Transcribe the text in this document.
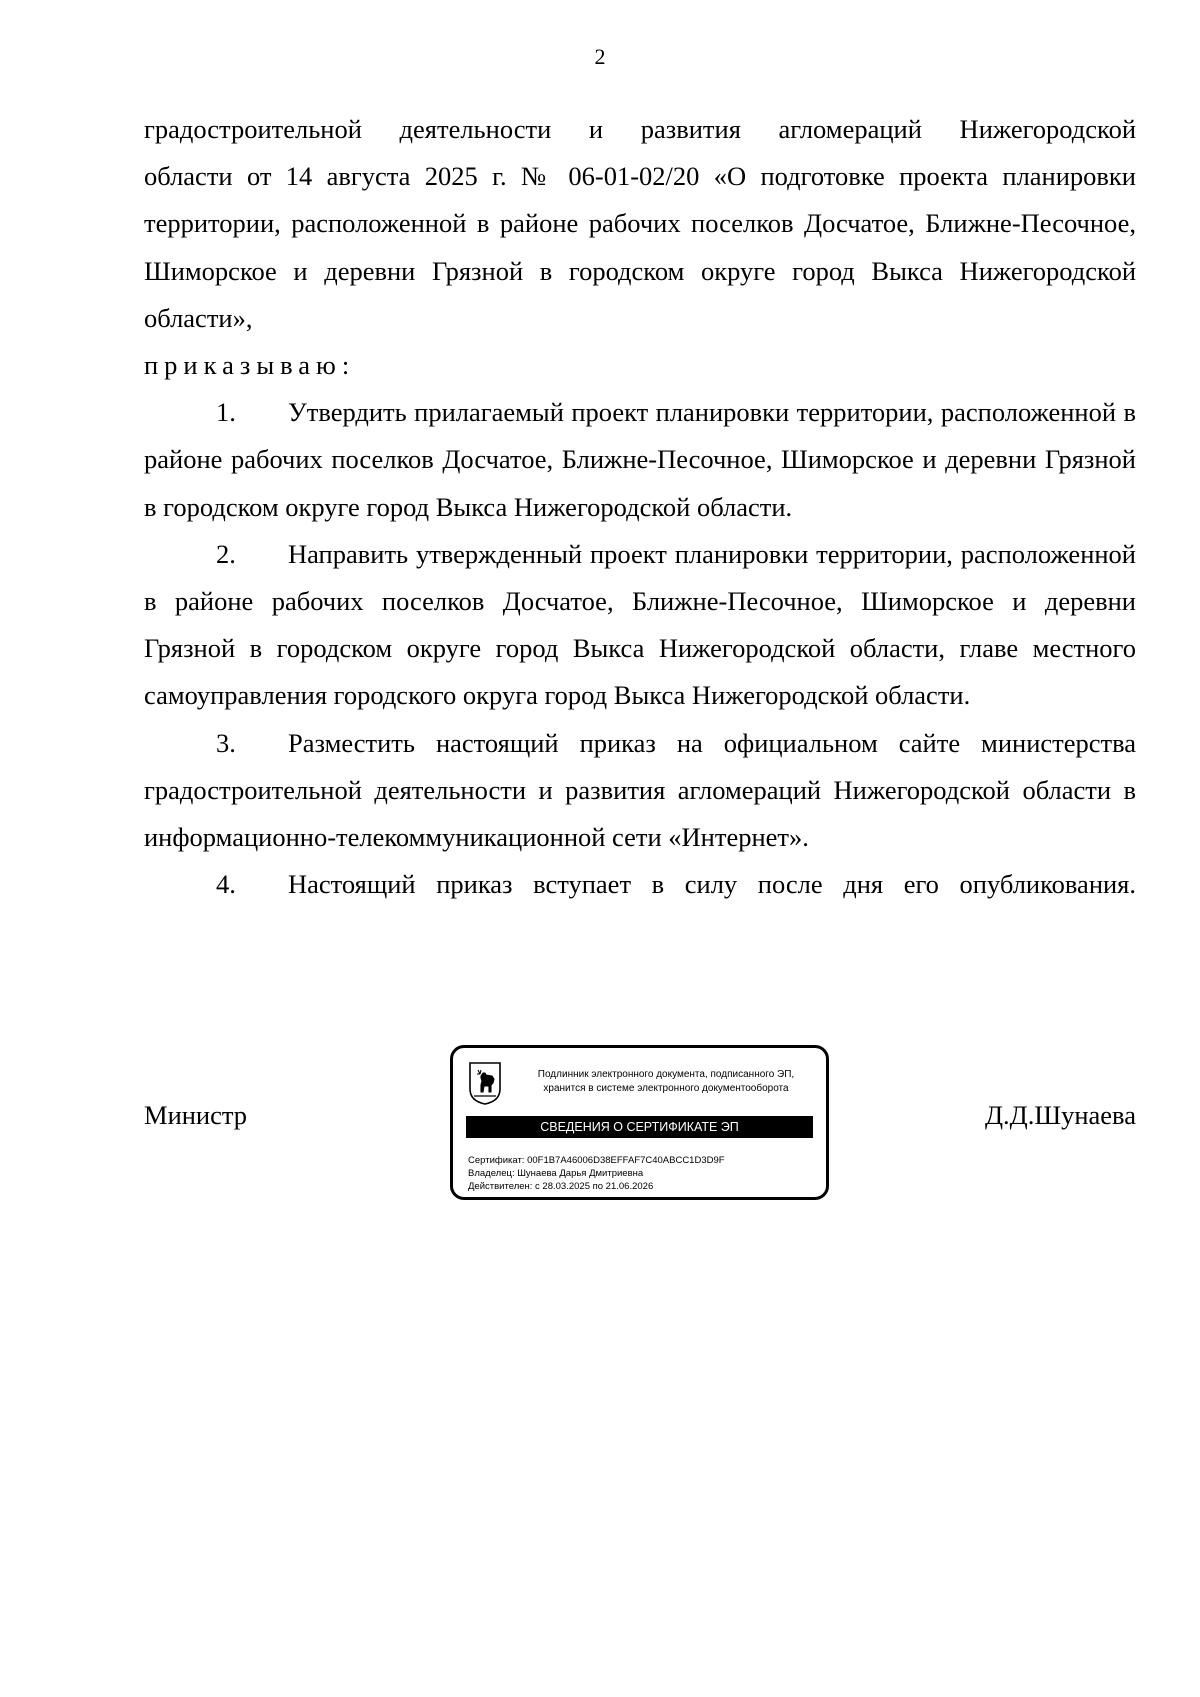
2

градостроительной деятельности и развития агломераций Нижегородской

области от 14 августа 2025 г. № 06-01-02/20 «О подготовке проекта планировки территории, расположенной в районе рабочих поселков Досчатое, Ближне-Песочное, Шиморское и деревни Грязной в городском округе город Выкса Нижегородской области»,

приказываю:

1. Утвердить прилагаемый проект планировки территории, расположенной в районе рабочих поселков Досчатое, Ближне-Песочное, Шиморское и деревни Грязной в городском округе город Выкса Нижегородской области.

2. Направить утвержденный проект планировки территории, расположенной в районе рабочих поселков Досчатое, Ближне-Песочное, Шиморское и деревни Грязной в городском округе город Выкса Нижегородской области, главе местного самоуправления городского округа город Выкса Нижегородской области.

3. Разместить настоящий приказ на официальном сайте министерства градостроительной деятельности и развития агломераций Нижегородской области в информационно-телекоммуникационной сети «Интернет».

4. Настоящий приказ вступает в силу после дня его опубликования.

Министр	Д.Д.Шунаева
Подлинник электронного документа, подписанного ЭП,
хранится в системе электронного документооборота
СВЕДЕНИЯ О СЕРТИФИКАТЕ ЭП
Сертификат: 00F1B7A46006D38EFFAF7C40ABCC1D3D9F
Владелец: Шунаева Дарья Дмитриевна
Действителен: с 28.03.2025 по 21.06.2026
